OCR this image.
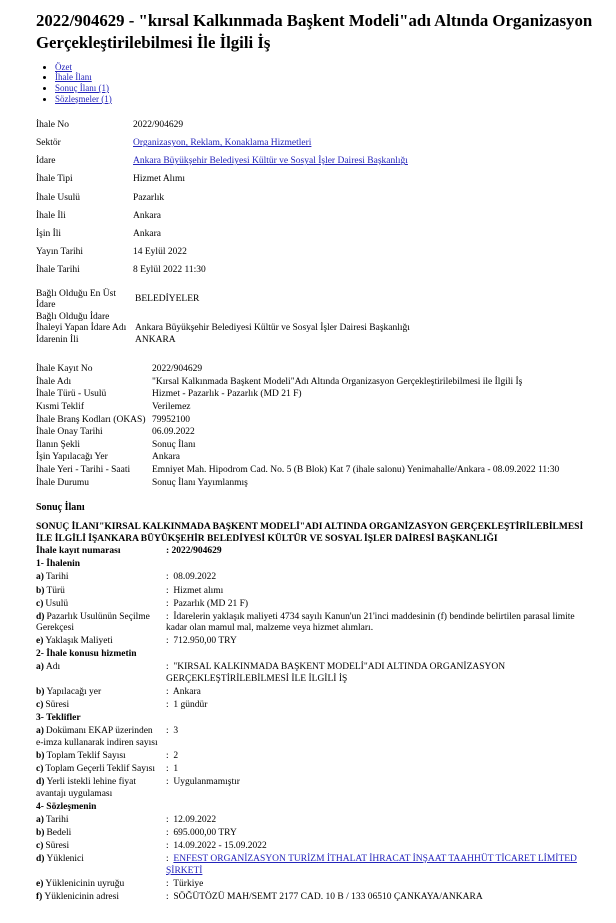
2022/904629 - "kırsal Kalkınmada Başkent Modeli"adı Altında Organizasyon Gerçekleştirilebilmesi İle İlgili İş
• Özet
• İhale İlanı
• Sonuç İlanı (1)
• Sözleşmeler (1)
İhale No	2022/904629
Sektör	Organizasyon, Reklam, Konaklama Hizmetleri
İdare	Ankara Büyükşehir Belediyesi Kültür ve Sosyal İşler Dairesi Başkanlığı
İhale Tipi	Hizmet Alımı
İhale Usulü	Pazarlık
İhale İli	Ankara
İşin İli	Ankara
Yayın Tarihi	14 Eylül 2022
İhale Tarihi	8 Eylül 2022 11:30
Bağlı Olduğu En Üst İdare	BELEDİYELER
Bağlı Olduğu İdare	
İhaleyi Yapan İdare Adı	Ankara Büyükşehir Belediyesi Kültür ve Sosyal İşler Dairesi Başkanlığı
İdarenin İli	ANKARA
İhale Kayıt No	2022/904629
İhale Adı	"Kırsal Kalkınmada Başkent Modeli"Adı Altında Organizasyon Gerçekleştirilebilmesi ile İlgili İş
İhale Türü - Usulü	Hizmet - Pazarlık - Pazarlık (MD 21 F)
Kısmi Teklif	Verilemez
İhale Branş Kodları (OKAS)	79952100
İhale Onay Tarihi	06.09.2022
İlanın Şekli	Sonuç İlanı
İşin Yapılacağı Yer	Ankara
İhale Yeri - Tarihi - Saati	Emniyet Mah. Hipodrom Cad. No. 5 (B Blok) Kat 7 (ihale salonu) Yenimahalle/Ankara - 08.09.2022 11:30
İhale Durumu	Sonuç İlanı Yayımlanmış
Sonuç İlanı
SONUÇ İLANI"KIRSAL KALKINMADA BAŞKENT MODELİ"ADI ALTINDA ORGANİZASYON GERÇEKLEŞTİRİLEBİLMESİ İLE İLGİLİ İŞANKARA BÜYÜKŞEHİR BELEDİYESİ KÜLTÜR VE SOSYAL İŞLER DAİRESİ BAŞKANLIĞI
İhale kayıt numarası	: 2022/904629
1- İhalenin
a) Tarihi	: 08.09.2022
b) Türü	: Hizmet alımı
c) Usulü	: Pazarlık (MD 21 F)
d) Pazarlık Usulünün Seçilme Gerekçesi
: İdarelerin yaklaşık maliyeti 4734 sayılı Kanun'un 21'inci maddesinin (f) bendinde belirtilen parasal limite kadar olan mamul mal, malzeme veya hizmet alımları.
e) Yaklaşık Maliyeti	: 712.950,00 TRY
2- İhale konusu hizmetin
a) Adı	: "KIRSAL KALKINMADA BAŞKENT MODELİ"ADI ALTINDA ORGANİZASYON GERÇEKLEŞTİRİLEBİLMESİ İLE İLGİLİ İŞ
b) Yapılacağı yer	: Ankara
c) Süresi	: 1 gündür
3- Teklifler
a) Dokümanı EKAP üzerinden e-imza kullanarak indiren sayısı
: 3
b) Toplam Teklif Sayısı	: 2
c) Toplam Geçerli Teklif Sayısı	: 1
d) Yerli istekli lehine fiyat avantajı uygulaması
: Uygulanmamıştır
4- Sözleşmenin
a) Tarihi	: 12.09.2022
b) Bedeli	: 695.000,00 TRY
c) Süresi	: 14.09.2022 - 15.09.2022
d) Yüklenici	: ENFEST ORGANİZASYON TURİZM İTHALAT İHRACAT İNŞAAT TAAHHÜT TİCARET LİMİTED ŞİRKETİ
e) Yüklenicinin uyruğu	: Türkiye
f) Yüklenicinin adresi	: SÖĞÜTÖZÜ MAH/SEMT 2177 CAD. 10 B / 133 06510 ÇANKAYA/ANKARA
